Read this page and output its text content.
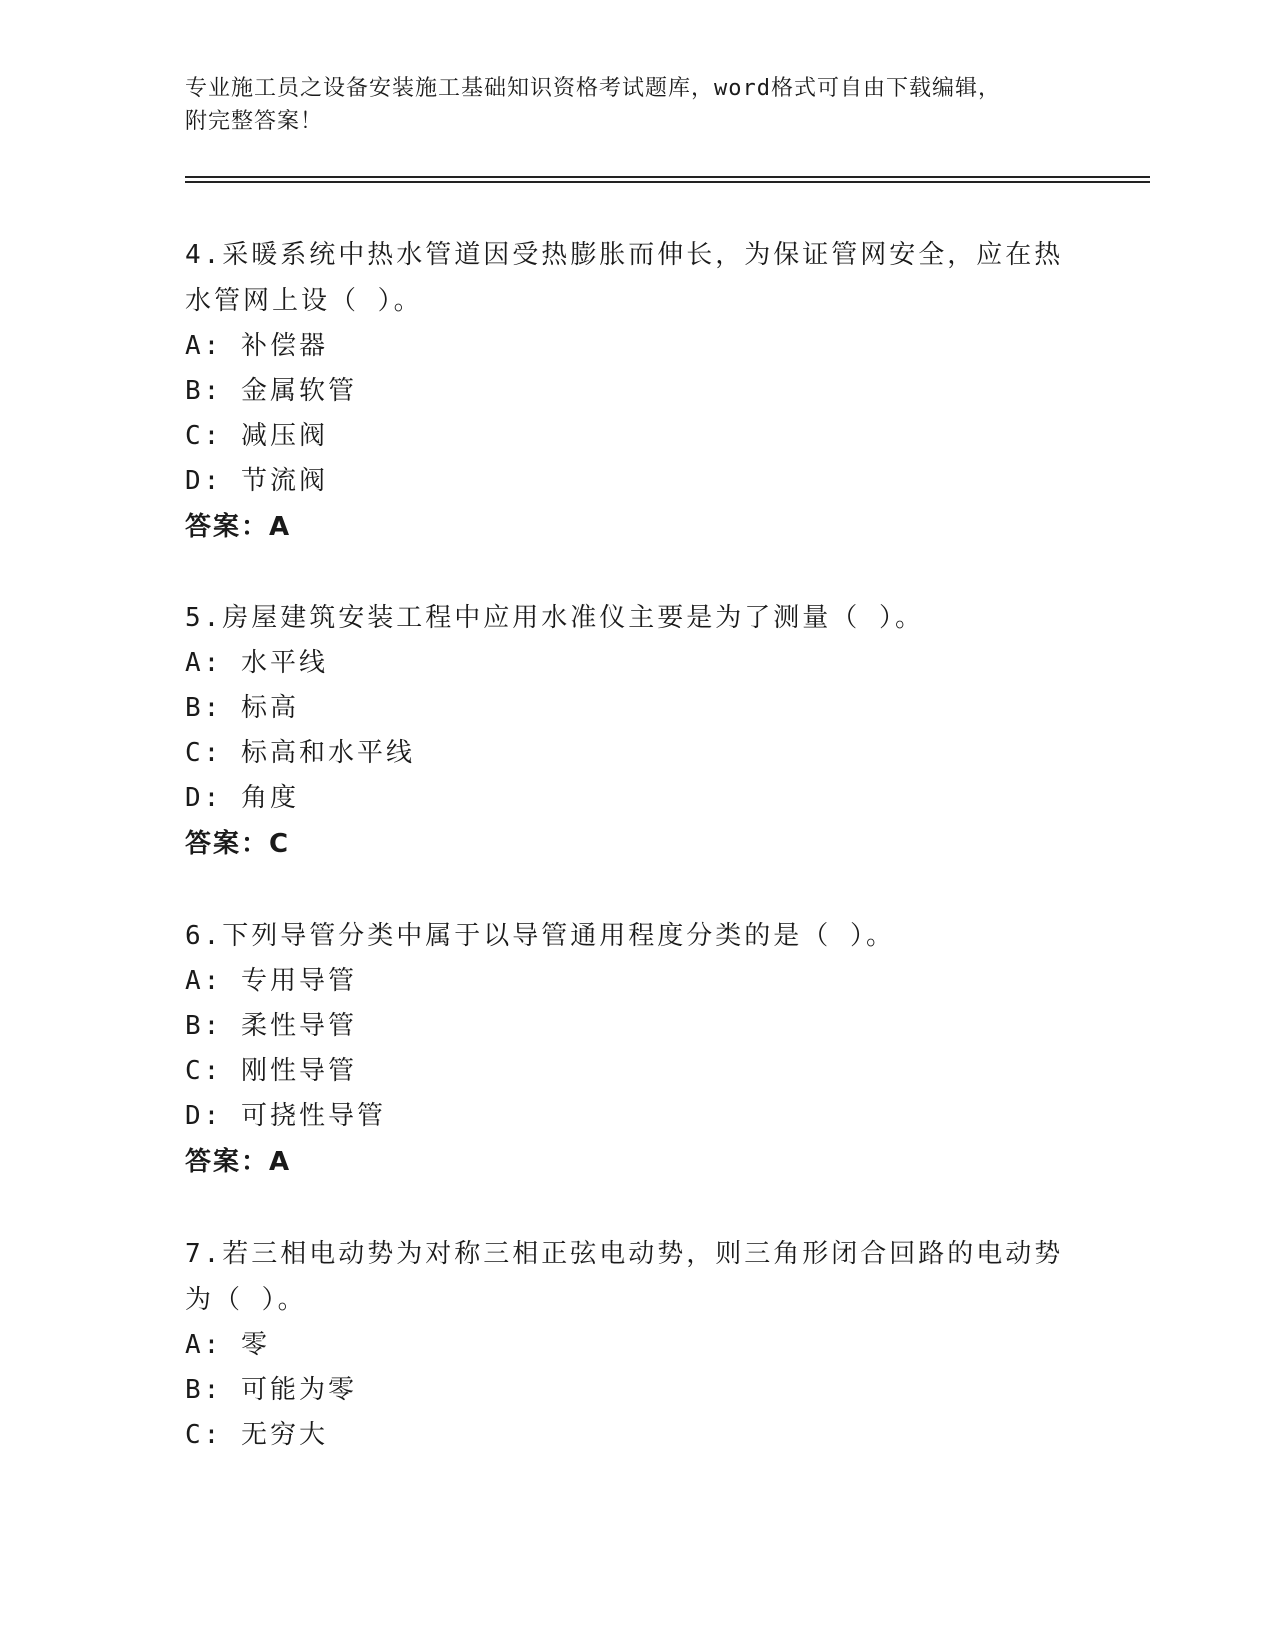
专业施工员之设备安装施工基础知识资格考试题库，word格式可自由下载编辑，
附完整答案！

4.采暖系统中热水管道因受热膨胀而伸长，为保证管网安全，应在热

水管网上设（ ）。

A: 补偿器

B: 金属软管

C: 减压阀

D: 节流阀

答案：A

5.房屋建筑安装工程中应用水准仪主要是为了测量（ ）。

A: 水平线

B: 标高

C: 标高和水平线

D: 角度

答案：C

6.下列导管分类中属于以导管通用程度分类的是（ ）。

A: 专用导管

B: 柔性导管

C: 刚性导管

D: 可挠性导管

答案：A

7.若三相电动势为对称三相正弦电动势，则三角形闭合回路的电动势

为（ ）。

A: 零

B: 可能为零

C: 无穷大
